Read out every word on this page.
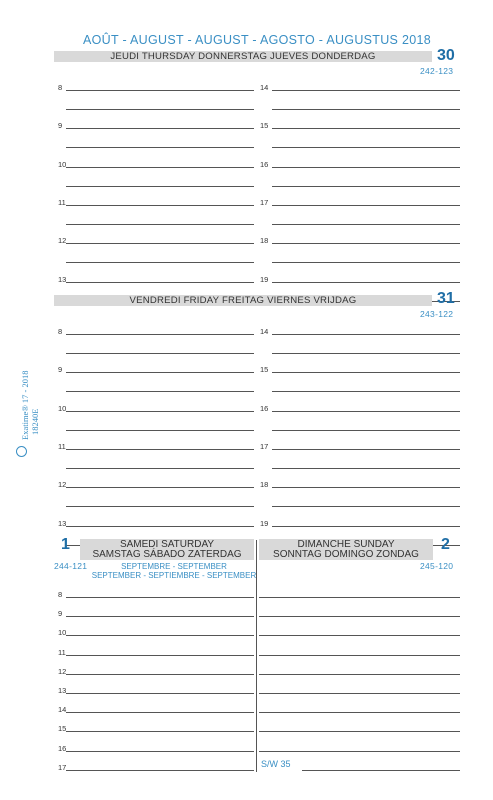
AOÛT - AUGUST - AUGUST - AGOSTO - AUGUSTUS 2018
JEUDI THURSDAY DONNERSTAG JUEVES DONDERDAG	30
242-123
8	14
9	15
10	16
11	17
12	18
13	19
VENDREDI FRIDAY FREITAG VIERNES VRIJDAG	31
243-122
8	14
9	15
10	16
11	17
12	18
13	19
SAMEDI SATURDAY
SAMSTAG SÁBADO ZATERDAG
DIMANCHE SUNDAY
SONNTAG DOMINGO ZONDAG
1	2
244-121	245-120
SEPTEMBRE - SEPTEMBER
SEPTEMBER - SEPTIEMBRE - SEPTEMBER
8
9
10
11
12
13
14
15
16
17	S/W 35
Exatime® 17 - 2018 18240E
